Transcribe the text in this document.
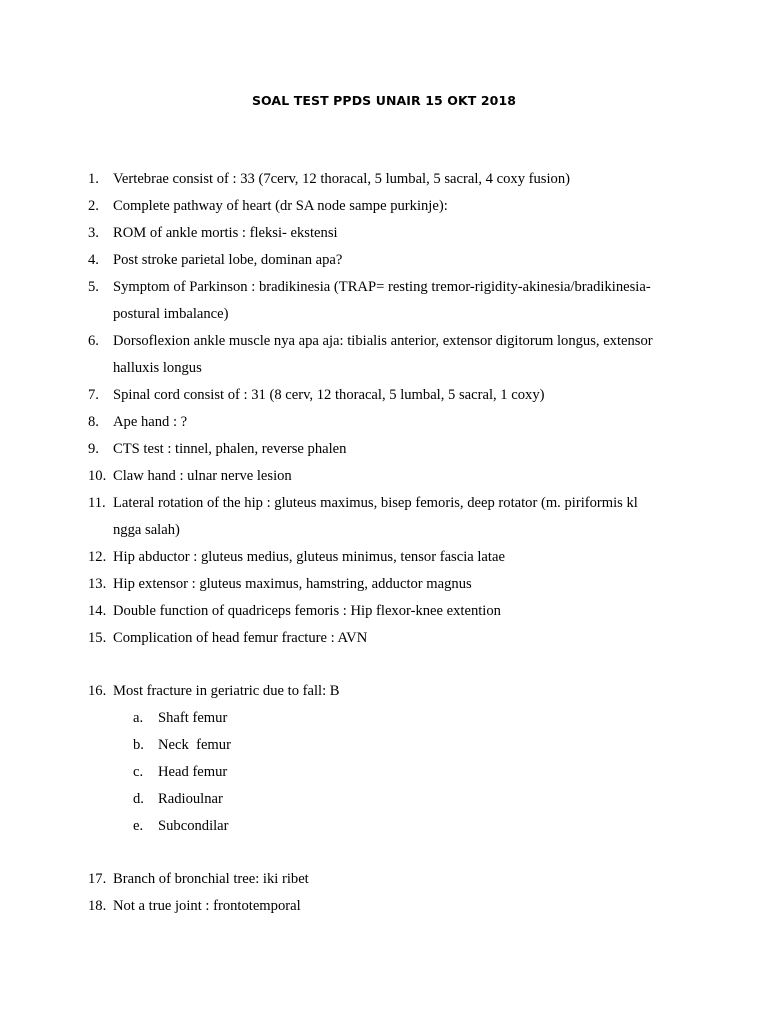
SOAL TEST PPDS UNAIR 15 OKT 2018
1. Vertebrae consist of : 33 (7cerv, 12 thoracal, 5 lumbal, 5 sacral, 4 coxy fusion)
2. Complete pathway of heart (dr SA node sampe purkinje):
3. ROM of ankle mortis : fleksi- ekstensi
4. Post stroke parietal lobe, dominan apa?
5. Symptom of Parkinson : bradikinesia (TRAP= resting tremor-rigidity-akinesia/bradikinesia-
postural imbalance)
6. Dorsoflexion ankle muscle nya apa aja: tibialis anterior, extensor digitorum longus, extensor
halluxis longus
7. Spinal cord consist of : 31 (8 cerv, 12 thoracal, 5 lumbal, 5 sacral, 1 coxy)
8. Ape hand : ?
9. CTS test : tinnel, phalen, reverse phalen
10. Claw hand : ulnar nerve lesion
11. Lateral rotation of the hip : gluteus maximus, bisep femoris, deep rotator (m. piriformis kl
ngga salah)
12. Hip abductor : gluteus medius, gluteus minimus, tensor fascia latae
13. Hip extensor : gluteus maximus, hamstring, adductor magnus
14. Double function of quadriceps femoris : Hip flexor-knee extention
15. Complication of head femur fracture : AVN
16. Most fracture in geriatric due to fall: B
a. Shaft femur
b. Neck  femur
c. Head femur
d. Radioulnar
e. Subcondilar
17. Branch of bronchial tree: iki ribet
18. Not a true joint : frontotemporal
